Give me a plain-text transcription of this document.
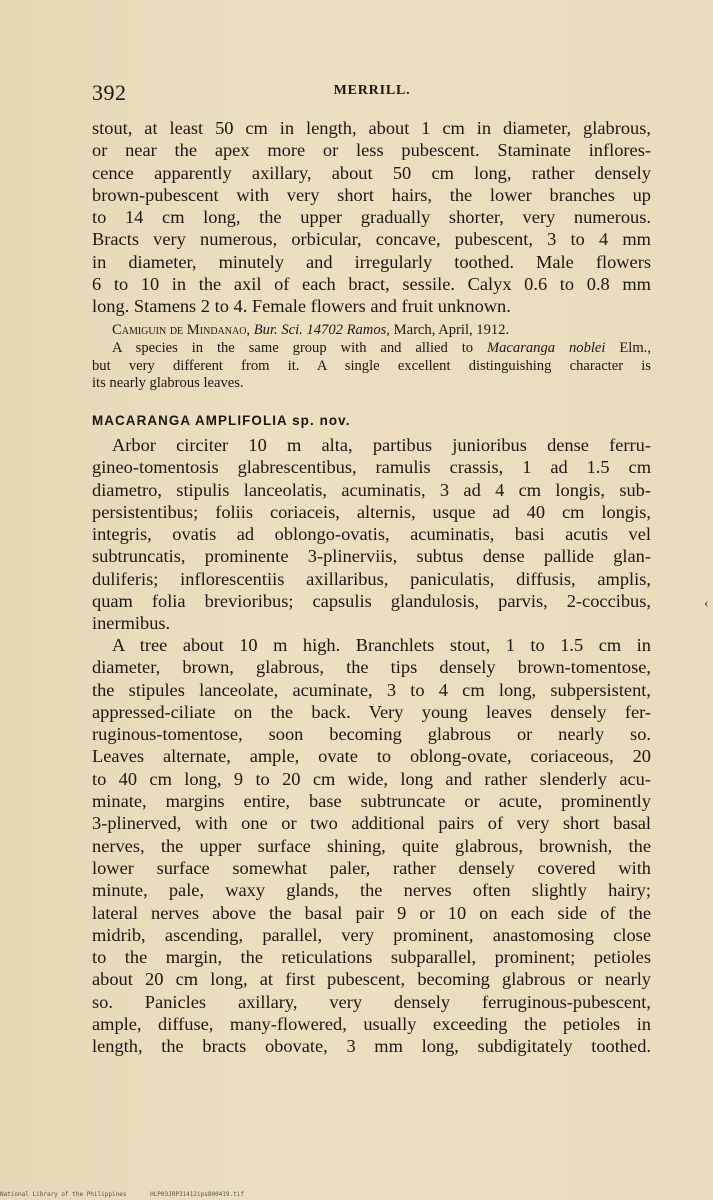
392	MERRILL.
stout, at least 50 cm in length, about 1 cm in diameter, glabrous,
or near the apex more or less pubescent. Staminate inflores-
cence apparently axillary, about 50 cm long, rather densely
brown-pubescent with very short hairs, the lower branches up
to 14 cm long, the upper gradually shorter, very numerous.
Bracts very numerous, orbicular, concave, pubescent, 3 to 4 mm
in diameter, minutely and irregularly toothed. Male flowers
6 to 10 in the axil of each bract, sessile. Calyx 0.6 to 0.8 mm
long. Stamens 2 to 4. Female flowers and fruit unknown.
Camiguin de Mindanao, Bur. Sci. 14702 Ramos, March, April, 1912.
A species in the same group with and allied to Macaranga noblei Elm.,
but very different from it. A single excellent distinguishing character is
its nearly glabrous leaves.
MACARANGA AMPLIFOLIA sp. nov.
Arbor circiter 10 m alta, partibus junioribus dense ferru-
gineo-tomentosis glabrescentibus, ramulis crassis, 1 ad 1.5 cm
diametro, stipulis lanceolatis, acuminatis, 3 ad 4 cm longis, sub-
persistentibus; foliis coriaceis, alternis, usque ad 40 cm longis,
integris, ovatis ad oblongo-ovatis, acuminatis, basi acutis vel
subtruncatis, prominente 3-plinerviis, subtus dense pallide glan-
duliferis; inflorescentiis axillaribus, paniculatis, diffusis, amplis,
quam folia brevioribus; capsulis glandulosis, parvis, 2-coccibus,
inermibus.
A tree about 10 m high. Branchlets stout, 1 to 1.5 cm in
diameter, brown, glabrous, the tips densely brown-tomentose,
the stipules lanceolate, acuminate, 3 to 4 cm long, subpersistent,
appressed-ciliate on the back. Very young leaves densely fer-
ruginous-tomentose, soon becoming glabrous or nearly so.
Leaves alternate, ample, ovate to oblong-ovate, coriaceous, 20
to 40 cm long, 9 to 20 cm wide, long and rather slenderly acu-
minate, margins entire, base subtruncate or acute, prominently
3-plinerved, with one or two additional pairs of very short basal
nerves, the upper surface shining, quite glabrous, brownish, the
lower surface somewhat paler, rather densely covered with
minute, pale, waxy glands, the nerves often slightly hairy;
lateral nerves above the basal pair 9 or 10 on each side of the
midrib, ascending, parallel, very prominent, anastomosing close
to the margin, the reticulations subparallel, prominent; petioles
about 20 cm long, at first pubescent, becoming glabrous or nearly
so. Panicles axillary, very densely ferruginous-pubescent,
ample, diffuse, many-flowered, usually exceeding the petioles in
length, the bracts obovate, 3 mm long, subdigitately toothed.
‹
National Library of the Philippines	HLP03JRP31412ips800419.tif
